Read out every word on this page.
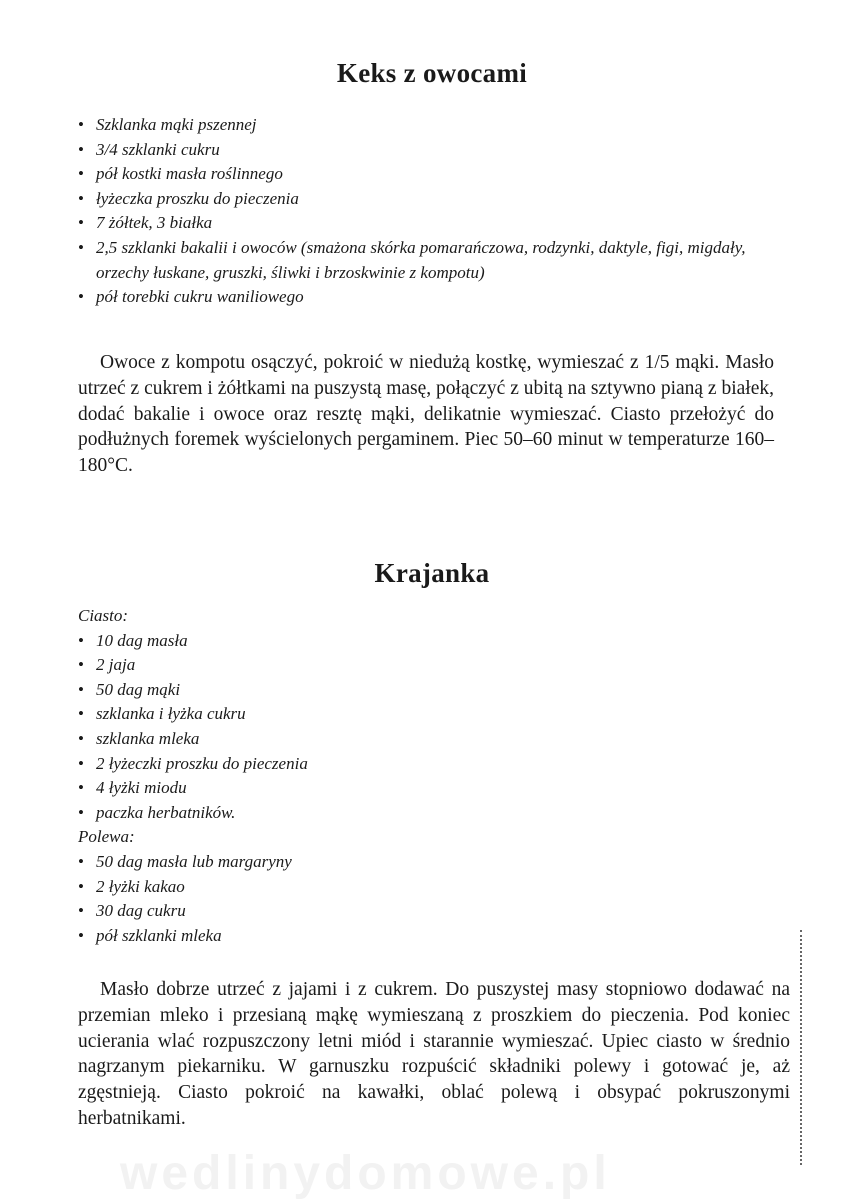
wedlinydomowe.pl
Keks z owocami
• Szklanka mąki pszennej
• 3/4 szklanki cukru
• pół kostki masła roślinnego
• łyżeczka proszku do pieczenia
• 7 żółtek, 3 białka
• 2,5 szklanki bakalii i owoców (smażona skórka pomarańczowa, rodzynki, daktyle, figi, migdały, orzechy łuskane, gruszki, śliwki i brzoskwinie z kompotu)
• pół torebki cukru waniliowego

Owoce z kompotu osączyć, pokroić w niedużą kostkę, wymieszać z 1/5 mąki. Masło utrzeć z cukrem i żółtkami na puszystą masę, połączyć z ubitą na sztywno pianą z białek, dodać bakalie i owoce oraz resztę mąki, delikatnie wymieszać. Ciasto przełożyć do podłużnych foremek wyścielonych pergaminem. Piec 50–60 minut w temperaturze 160–180°C.

Krajanka
Ciasto:
• 10 dag masła
• 2 jaja
• 50 dag mąki
• szklanka i łyżka cukru
• szklanka mleka
• 2 łyżeczki proszku do pieczenia
• 4 łyżki miodu
• paczka herbatników.
Polewa:
• 50 dag masła lub margaryny
• 2 łyżki kakao
• 30 dag cukru
• pół szklanki mleka

Masło dobrze utrzeć z jajami i z cukrem. Do puszystej masy stopniowo dodawać na przemian mleko i przesianą mąkę wymieszaną z proszkiem do pieczenia. Pod koniec ucierania wlać rozpuszczony letni miód i starannie wymieszać. Upiec ciasto w średnio nagrzanym piekarniku. W garnuszku rozpuścić składniki polewy i gotować je, aż zgęstnieją. Ciasto pokroić na kawałki, oblać polewą i obsypać pokruszonymi herbatnikami.
